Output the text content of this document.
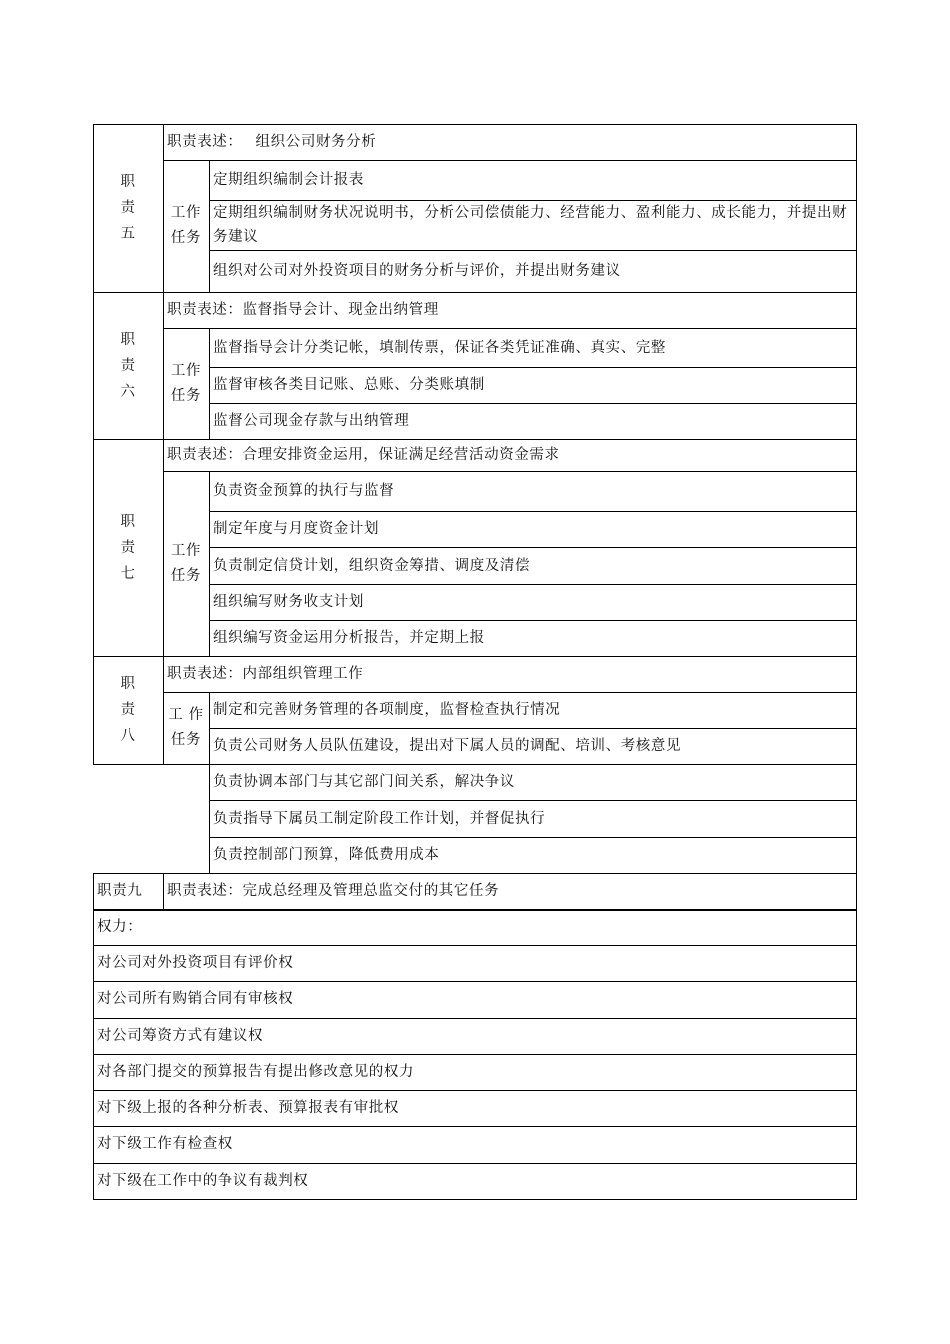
职责表述：　 组织公司财务分析
职
责
五
工作
任务
定期组织编制会计报表
定期组织编制财务状况说明书，分析公司偿债能力、经营能力、盈利能力、成长能力，并提出财务建议
组织对公司对外投资项目的财务分析与评价，并提出财务建议
职责表述：监督指导会计、现金出纳管理
职
责
六
工作
任务
监督指导会计分类记帐，填制传票，保证各类凭证准确、真实、完整
监督审核各类目记账、总账、分类账填制
监督公司现金存款与出纳管理
职责表述：合理安排资金运用，保证满足经营活动资金需求
职
责
七
工作
任务
负责资金预算的执行与监督
制定年度与月度资金计划
负责制定信贷计划，组织资金筹措、调度及清偿
组织编写财务收支计划
组织编写资金运用分析报告，并定期上报
职责表述：内部组织管理工作
职
责
八
工 作
任务
制定和完善财务管理的各项制度，监督检查执行情况
负责公司财务人员队伍建设，提出对下属人员的调配、培训、考核意见
负责协调本部门与其它部门间关系，解决争议
负责指导下属员工制定阶段工作计划，并督促执行
负责控制部门预算，降低费用成本
职责九	职责表述：完成总经理及管理总监交付的其它任务
权力：
对公司对外投资项目有评价权
对公司所有购销合同有审核权
对公司筹资方式有建议权
对各部门提交的预算报告有提出修改意见的权力
对下级上报的各种分析表、预算报表有审批权
对下级工作有检查权
对下级在工作中的争议有裁判权
